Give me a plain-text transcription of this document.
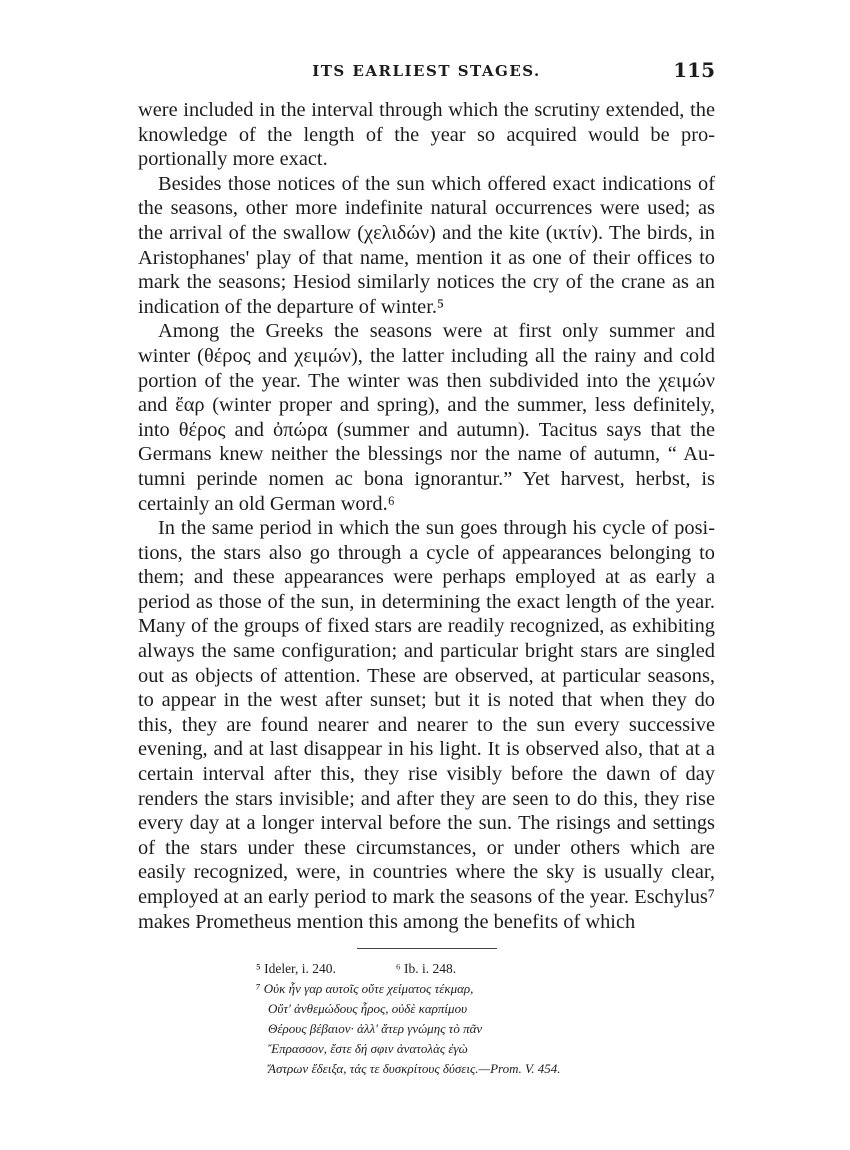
ITS EARLIEST STAGES.	115

were included in the interval through which the scrutiny extended, the knowledge of the length of the year so acquired would be pro- portionally more exact.

Besides those notices of the sun which offered exact indications of the seasons, other more indefinite natural occurrences were used; as the arrival of the swallow (χελιδών) and the kite (ικτίν). The birds, in Aristophanes' play of that name, mention it as one of their offices to mark the seasons; Hesiod similarly notices the cry of the crane as an indication of the departure of winter.⁵

Among the Greeks the seasons were at first only summer and winter (θέρος and χειμών), the latter including all the rainy and cold portion of the year. The winter was then subdivided into the χειμών and ἔαρ (winter proper and spring), and the summer, less definitely, into θέρος and ὀπώρα (summer and autumn). Tacitus says that the Germans knew neither the blessings nor the name of autumn, “ Au- tumni perinde nomen ac bona ignorantur.” Yet harvest, herbst, is certainly an old German word.⁶

In the same period in which the sun goes through his cycle of posi- tions, the stars also go through a cycle of appearances belonging to them; and these appearances were perhaps employed at as early a period as those of the sun, in determining the exact length of the year. Many of the groups of fixed stars are readily recognized, as exhibiting always the same configuration; and particular bright stars are singled out as objects of attention. These are observed, at particular seasons, to appear in the west after sunset; but it is noted that when they do this, they are found nearer and nearer to the sun every successive evening, and at last disappear in his light. It is observed also, that at a certain interval after this, they rise visibly before the dawn of day renders the stars invisible; and after they are seen to do this, they rise every day at a longer interval before the sun. The risings and settings of the stars under these circumstances, or under others which are easily recognized, were, in countries where the sky is usually clear, employed at an early period to mark the seasons of the year. Eschylus⁷ makes Prometheus mention this among the benefits of which

⁵ Ideler, i. 240.	⁶ Ib. i. 248.
⁷ Οὐκ ἦν γαρ αυτοῖς οὔτε χείματος τέκμαρ,
Οὔτ' ἀνθεμώδους ἦρος, οὐδὲ καρπίμου
Θέρους βέβαιον· ἀλλ' ἄτερ γνώμης τὸ πᾶν
Ἔπρασσον, ἔστε δή σφιν ἀνατολὰς ἐγὼ
Ἄστρων ἔδειξα, τάς τε δυσκρίτους δύσεις.—Prom. V. 454.
